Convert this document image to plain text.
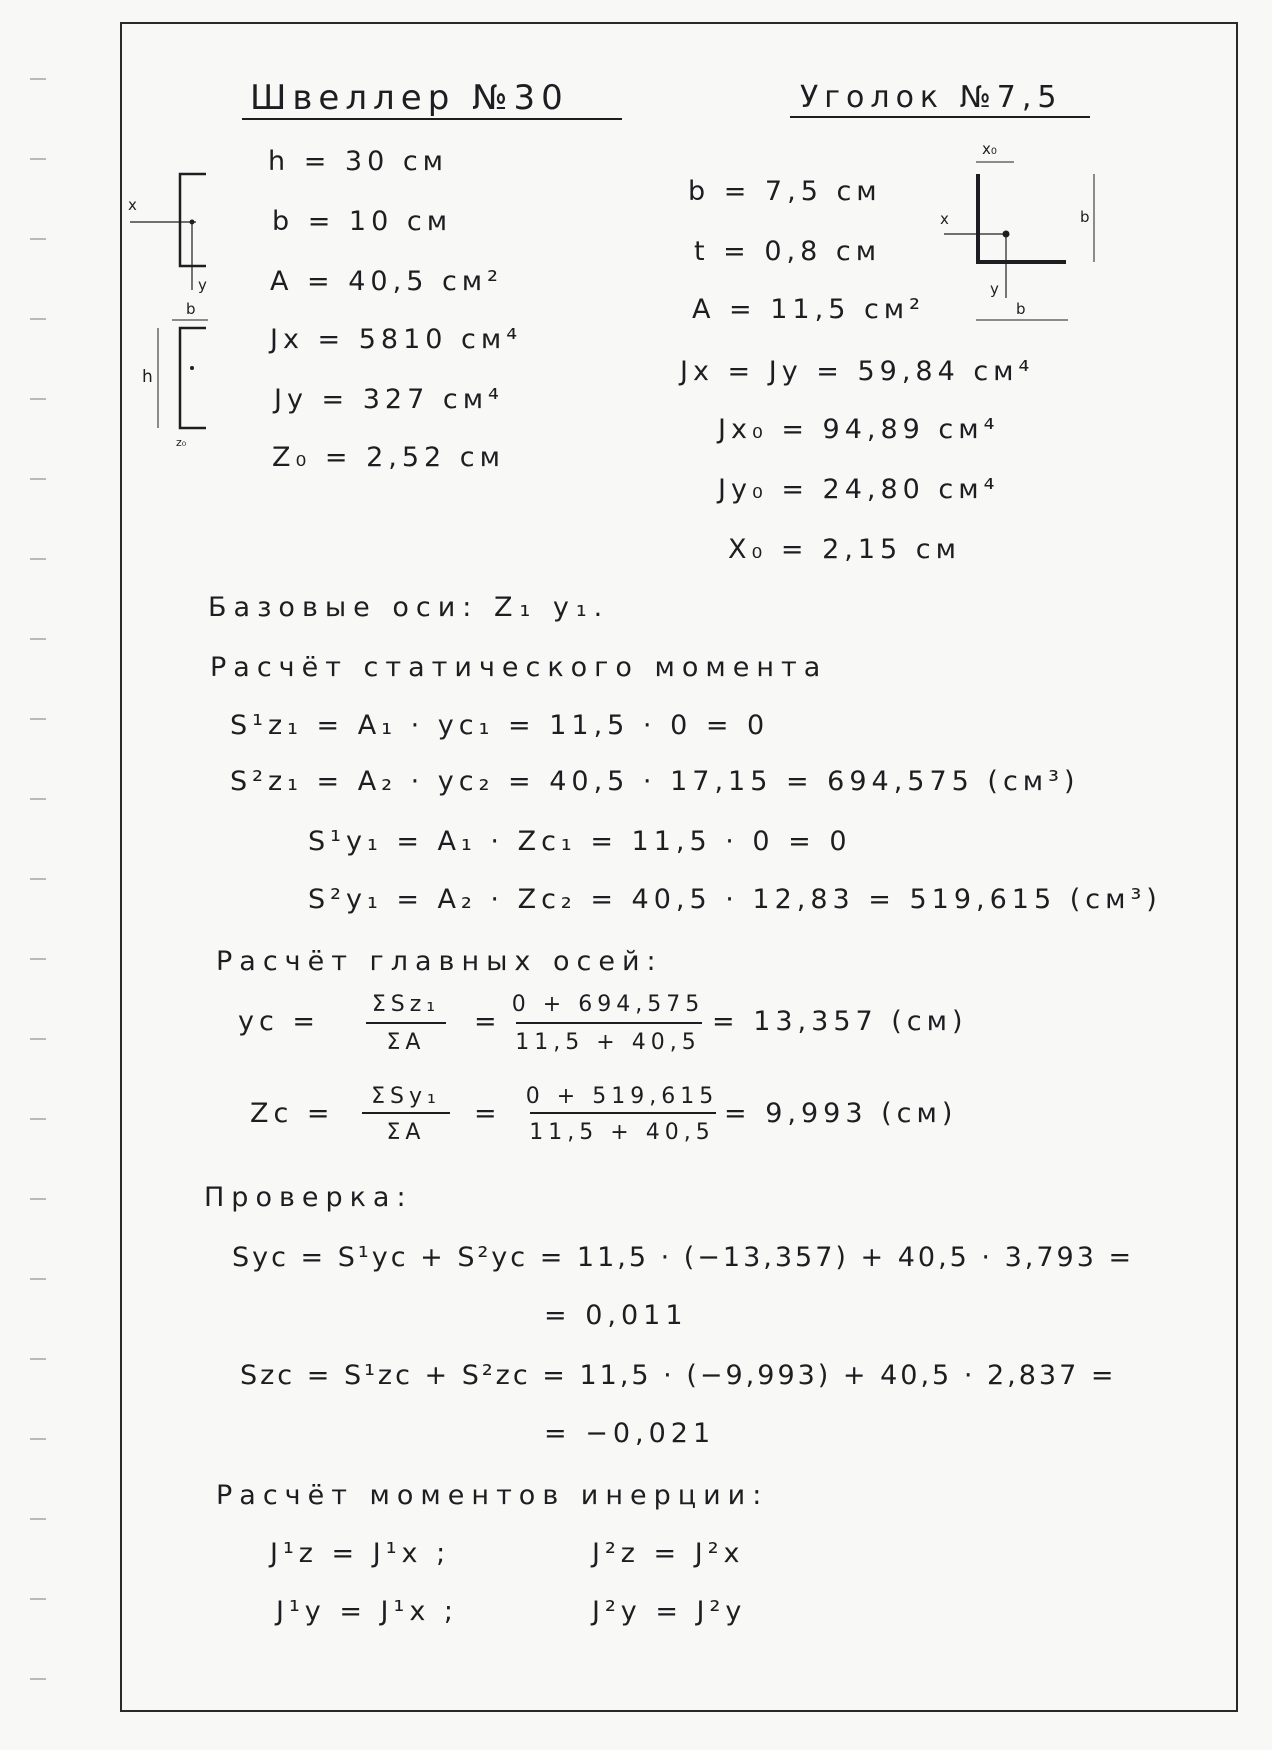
Швеллер №30
h = 30 см
b = 10 см
A = 40,5 см²
Jx = 5810 см⁴
Jy = 327 см⁴
Z₀ = 2,52 см
x
y
b
h
z₀
Уголок №7,5
b = 7,5 см
t = 0,8 см
A = 11,5 см²
Jx = Jy = 59,84 см⁴
Jx₀ = 94,89 см⁴
Jy₀ = 24,80 см⁴
X₀ = 2,15 см
x₀
x
y
b
b
Базовые оси: Z₁ y₁.
Расчёт статического момента
S¹z₁ = A₁ · yc₁ = 11,5 · 0 = 0
S²z₁ = A₂ · yc₂ = 40,5 · 17,15 = 694,575 (см³)
S¹y₁ = A₁ · Zc₁ = 11,5 · 0 = 0
S²y₁ = A₂ · Zc₂ = 40,5 · 12,83 = 519,615 (см³)
Расчёт главных осей:
yc =
ΣSz₁
ΣA
=
0 + 694,575
11,5 + 40,5
= 13,357 (см)
Zc =
ΣSy₁
ΣA
=
0 + 519,615
11,5 + 40,5
= 9,993 (см)
Проверка:
Syc = S¹yc + S²yc = 11,5 · (−13,357) + 40,5 · 3,793 =
= 0,011
Szc = S¹zc + S²zc = 11,5 · (−9,993) + 40,5 · 2,837 =
= −0,021
Расчёт моментов инерции:
J¹z = J¹x ;	J²z = J²x
J¹y = J¹x ;	J²y = J²y
